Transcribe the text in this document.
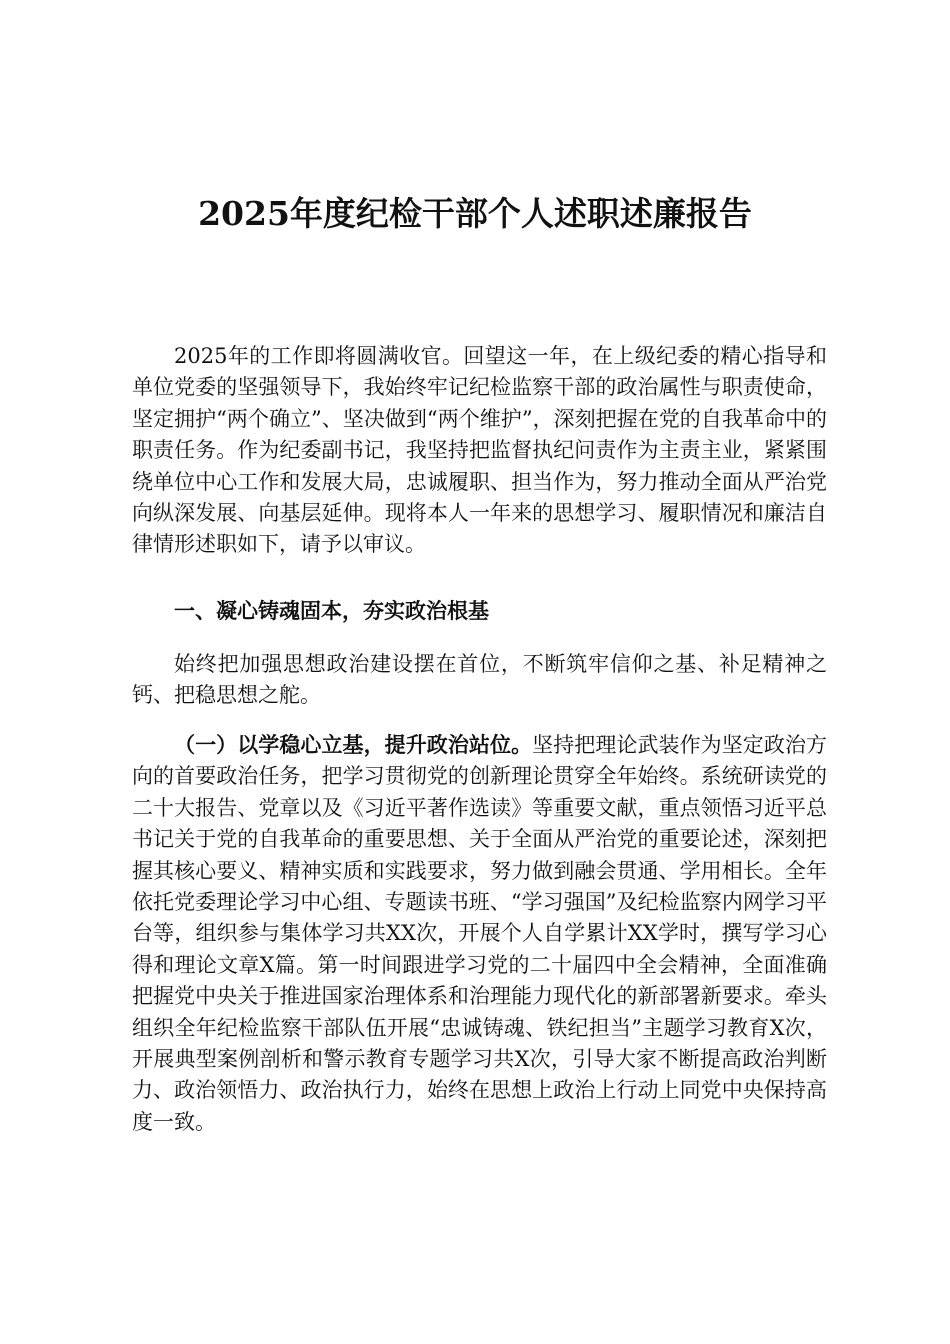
2025年度纪检干部个人述职述廉报告

2025年的工作即将圆满收官。回望这一年，在上级纪委的精心指导和单位党委的坚强领导下，我始终牢记纪检监察干部的政治属性与职责使命，坚定拥护“两个确立”、坚决做到“两个维护”，深刻把握在党的自我革命中的职责任务。作为纪委副书记，我坚持把监督执纪问责作为主责主业，紧紧围绕单位中心工作和发展大局，忠诚履职、担当作为，努力推动全面从严治党向纵深发展、向基层延伸。现将本人一年来的思想学习、履职情况和廉洁自律情形述职如下，请予以审议。

一、凝心铸魂固本，夯实政治根基

始终把加强思想政治建设摆在首位，不断筑牢信仰之基、补足精神之钙、把稳思想之舵。

（一）以学稳心立基，提升政治站位。坚持把理论武装作为坚定政治方向的首要政治任务，把学习贯彻党的创新理论贯穿全年始终。系统研读党的二十大报告、党章以及《习近平著作选读》等重要文献，重点领悟习近平总书记关于党的自我革命的重要思想、关于全面从严治党的重要论述，深刻把握其核心要义、精神实质和实践要求，努力做到融会贯通、学用相长。全年依托党委理论学习中心组、专题读书班、“学习强国”及纪检监察内网学习平台等，组织参与集体学习共XX次，开展个人自学累计XX学时，撰写学习心得和理论文章X篇。第一时间跟进学习党的二十届四中全会精神，全面准确把握党中央关于推进国家治理体系和治理能力现代化的新部署新要求。牵头组织全年纪检监察干部队伍开展“忠诚铸魂、铁纪担当”主题学习教育X次，开展典型案例剖析和警示教育专题学习共X次，引导大家不断提高政治判断力、政治领悟力、政治执行力，始终在思想上政治上行动上同党中央保持高度一致。
